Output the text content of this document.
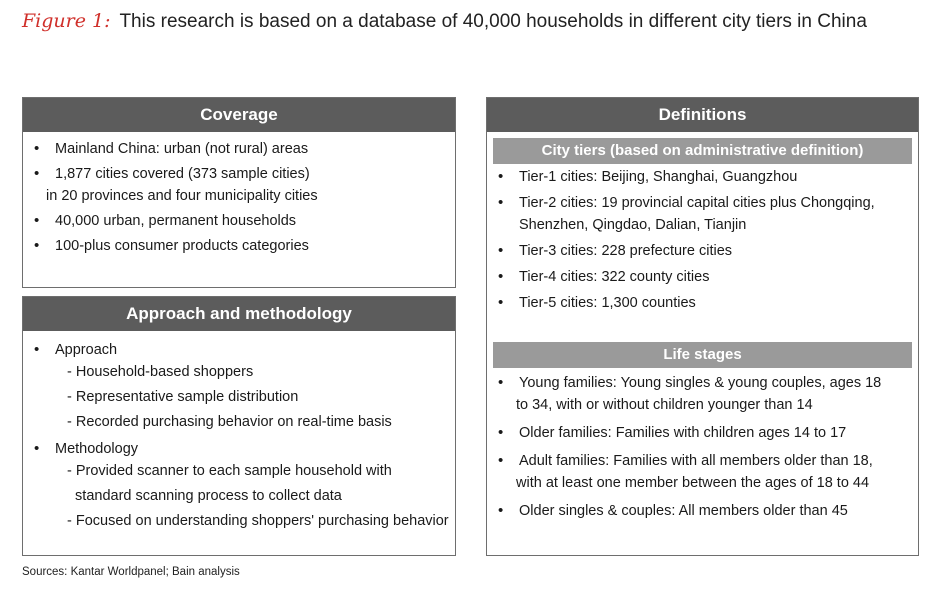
Figure 1: This research is based on a database of 40,000 households in different city tiers in China
Coverage
• Mainland China: urban (not rural) areas
• 1,877 cities covered (373 sample cities)
in 20 provinces and four municipality cities
• 40,000 urban, permanent households
• 100-plus consumer products categories
Approach and methodology
• Approach
- Household-based shoppers
- Representative sample distribution
- Recorded purchasing behavior on real-time basis
• Methodology
- Provided scanner to each sample household with
standard scanning process to collect data
- Focused on understanding shoppers' purchasing behavior
Definitions
City tiers (based on administrative definition)
• Tier-1 cities: Beijing, Shanghai, Guangzhou
• Tier-2 cities: 19 provincial capital cities plus Chongqing,
Shenzhen, Qingdao, Dalian, Tianjin
• Tier-3 cities: 228 prefecture cities
• Tier-4 cities: 322 county cities
• Tier-5 cities: 1,300 counties
Life stages
• Young families: Young singles & young couples, ages 18
to 34, with or without children younger than 14
• Older families: Families with children ages 14 to 17
• Adult families: Families with all members older than 18,
with at least one member between the ages of 18 to 44
• Older singles & couples: All members older than 45
Sources: Kantar Worldpanel; Bain analysis
